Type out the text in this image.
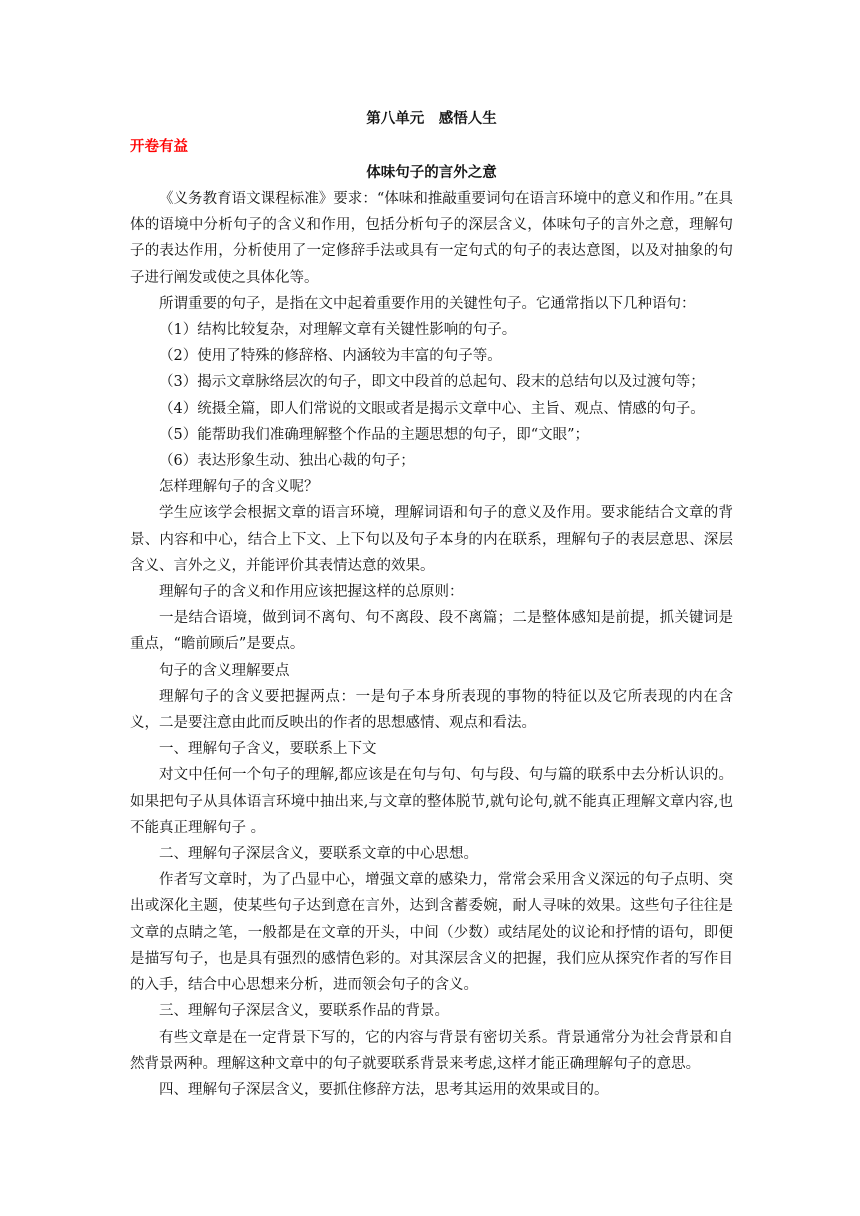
第八单元　感悟人生
开卷有益
体味句子的言外之意

《义务教育语文课程标准》要求：“体味和推敲重要词句在语言环境中的意义和作用。”在具体的语境中分析句子的含义和作用，包括分析句子的深层含义，体味句子的言外之意，理解句子的表达作用，分析使用了一定修辞手法或具有一定句式的句子的表达意图，以及对抽象的句子进行阐发或使之具体化等。

所谓重要的句子，是指在文中起着重要作用的关键性句子。它通常指以下几种语句：

（1）结构比较复杂，对理解文章有关键性影响的句子。

（2）使用了特殊的修辞格、内涵较为丰富的句子等。

（3）揭示文章脉络层次的句子，即文中段首的总起句、段末的总结句以及过渡句等；

（4）统摄全篇，即人们常说的文眼或者是揭示文章中心、主旨、观点、情感的句子。

（5）能帮助我们准确理解整个作品的主题思想的句子，即“文眼”；

（6）表达形象生动、独出心裁的句子；

怎样理解句子的含义呢？

学生应该学会根据文章的语言环境，理解词语和句子的意义及作用。要求能结合文章的背景、内容和中心，结合上下文、上下句以及句子本身的内在联系，理解句子的表层意思、深层含义、言外之义，并能评价其表情达意的效果。

理解句子的含义和作用应该把握这样的总原则：

一是结合语境，做到词不离句、句不离段、段不离篇；二是整体感知是前提，抓关键词是重点，“瞻前顾后”是要点。

句子的含义理解要点

理解句子的含义要把握两点：一是句子本身所表现的事物的特征以及它所表现的内在含义，二是要注意由此而反映出的作者的思想感情、观点和看法。

一、理解句子含义，要联系上下文

对文中任何一个句子的理解,都应该是在句与句、句与段、句与篇的联系中去分析认识的。如果把句子从具体语言环境中抽出来,与文章的整体脱节,就句论句,就不能真正理解文章内容,也不能真正理解句子 。

二、理解句子深层含义，要联系文章的中心思想。

作者写文章时，为了凸显中心，增强文章的感染力，常常会采用含义深远的句子点明、突出或深化主题，使某些句子达到意在言外，达到含蓄委婉，耐人寻味的效果。这些句子往往是文章的点睛之笔，一般都是在文章的开头，中间（少数）或结尾处的议论和抒情的语句，即便是描写句子，也是具有强烈的感情色彩的。对其深层含义的把握，我们应从探究作者的写作目的入手，结合中心思想来分析，进而领会句子的含义。

三、理解句子深层含义，要联系作品的背景。

有些文章是在一定背景下写的，它的内容与背景有密切关系。背景通常分为社会背景和自然背景两种。理解这种文章中的句子就要联系背景来考虑,这样才能正确理解句子的意思。

四、理解句子深层含义，要抓住修辞方法，思考其运用的效果或目的。
